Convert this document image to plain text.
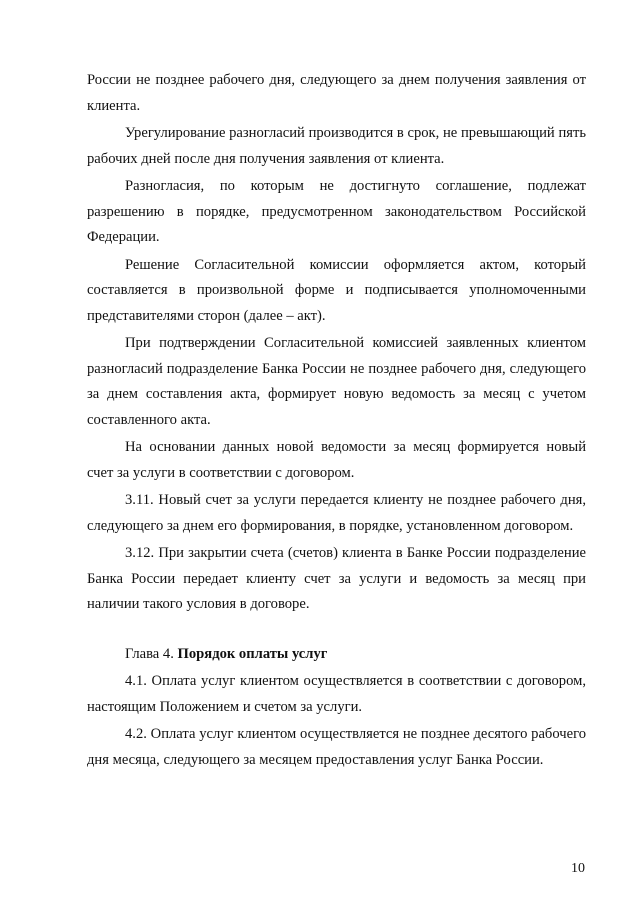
России не позднее рабочего дня, следующего за днем получения заявления от клиента.

Урегулирование разногласий производится в срок, не превышающий пять рабочих дней после дня получения заявления от клиента.

Разногласия, по которым не достигнуто соглашение, подлежат разрешению в порядке, предусмотренном законодательством Российской Федерации.

Решение Согласительной комиссии оформляется актом, который составляется в произвольной форме и подписывается уполномоченными представителями сторон (далее – акт).

При подтверждении Согласительной комиссией заявленных клиентом разногласий подразделение Банка России не позднее рабочего дня, следующего за днем составления акта, формирует новую ведомость за месяц с учетом составленного акта.

На основании данных новой ведомости за месяц формируется новый счет за услуги в соответствии с договором.

3.11. Новый счет за услуги передается клиенту не позднее рабочего дня, следующего за днем его формирования, в порядке, установленном договором.

3.12. При закрытии счета (счетов) клиента в Банке России подразделение Банка России передает клиенту счет за услуги и ведомость за месяц при наличии такого условия в договоре.

Глава 4. Порядок оплаты услуг

4.1. Оплата услуг клиентом осуществляется в соответствии с договором, настоящим Положением и счетом за услуги.

4.2. Оплата услуг клиентом осуществляется не позднее десятого рабочего дня месяца, следующего за месяцем предоставления услуг Банка России.

10
